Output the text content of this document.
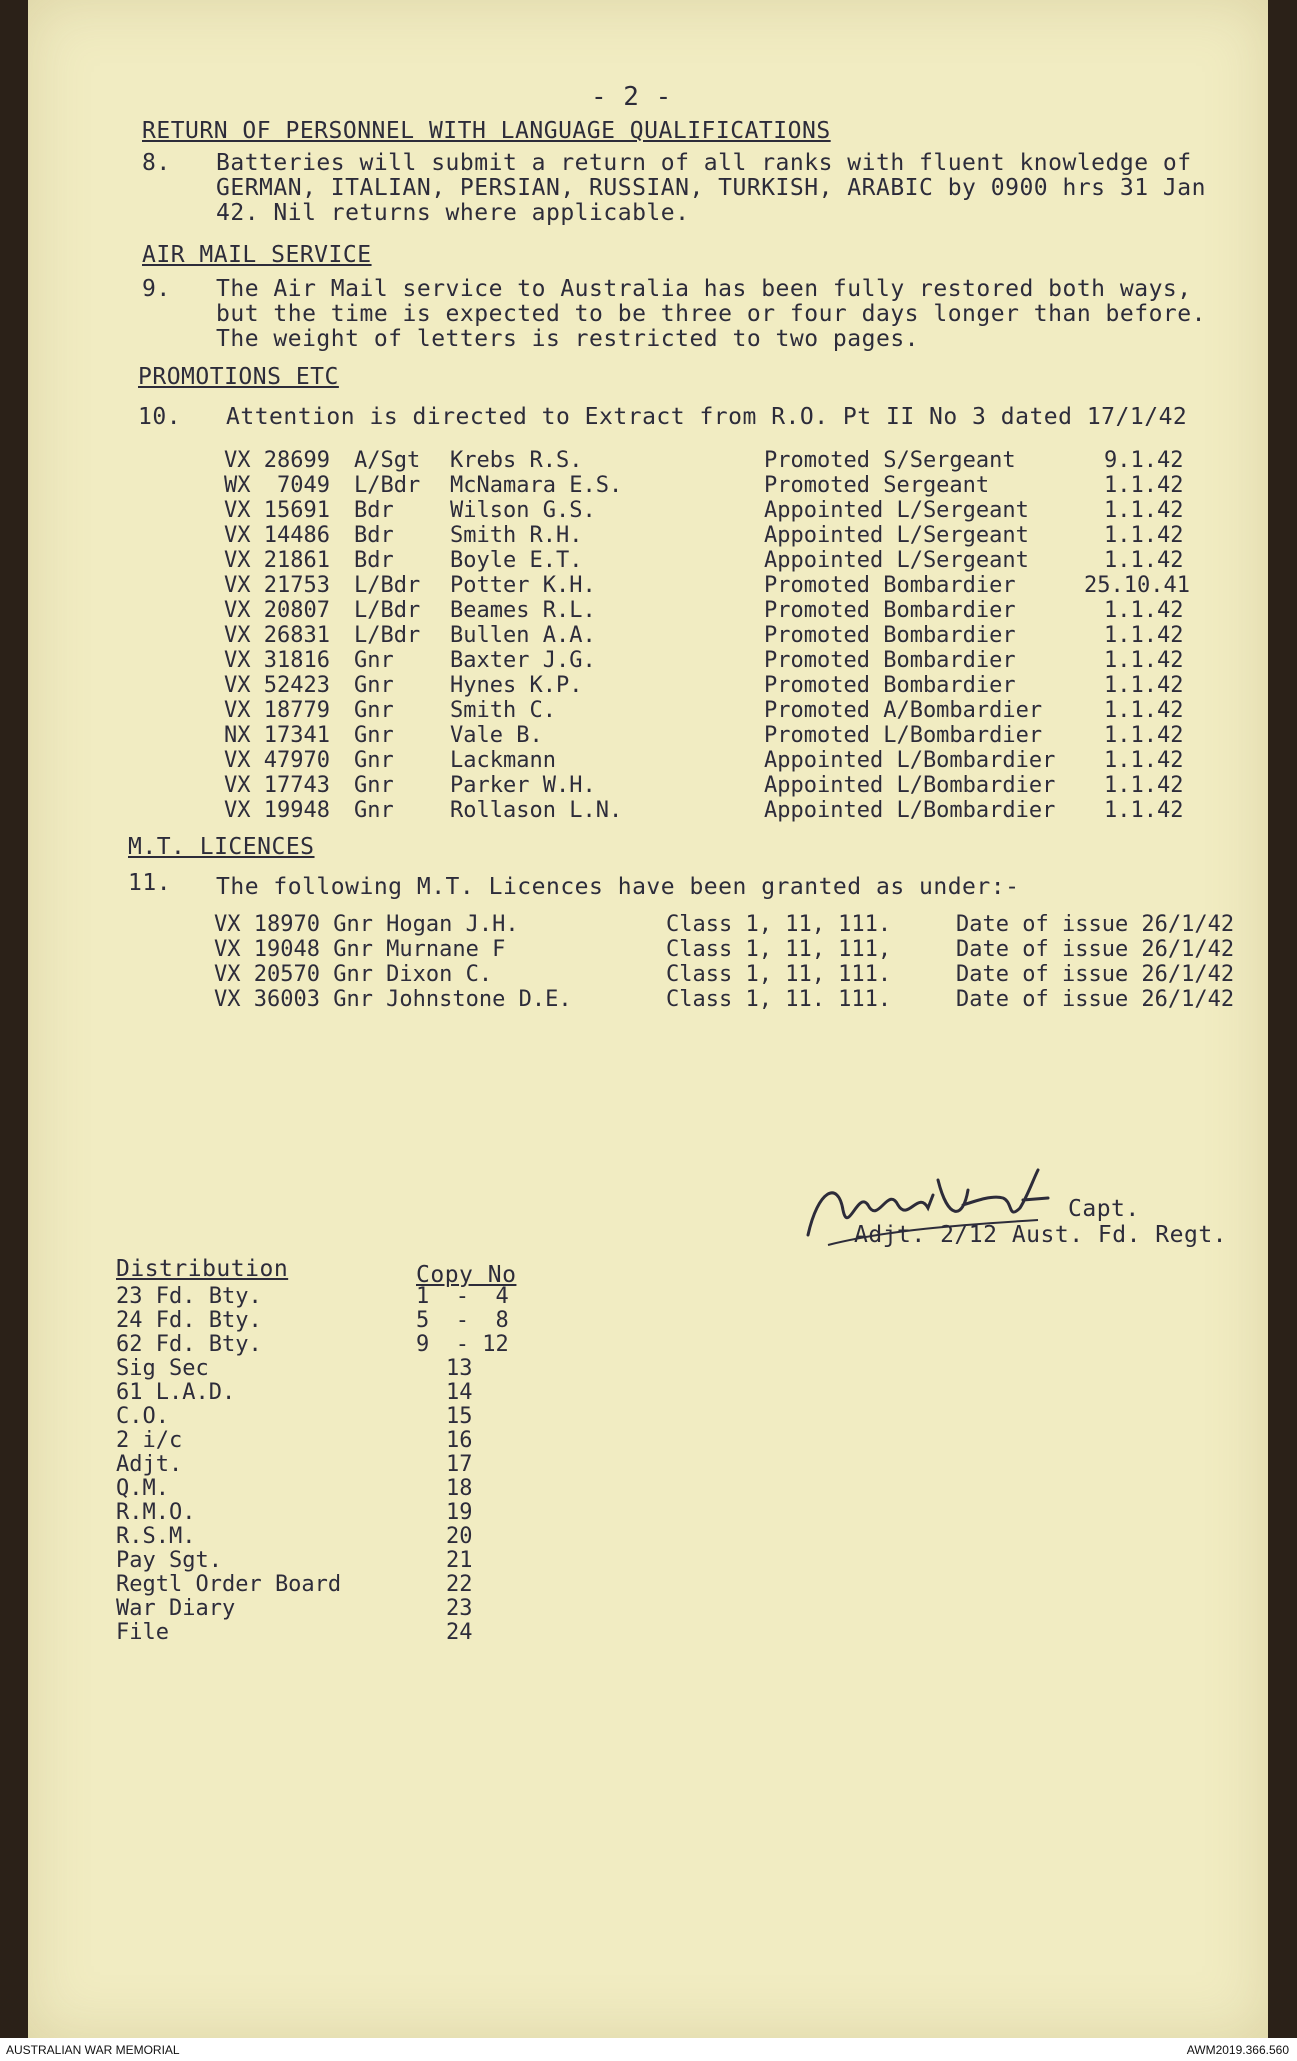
- 2 -
RETURN OF PERSONNEL WITH LANGUAGE QUALIFICATIONS
8. Batteries will submit a return of all ranks with fluent knowledge of
GERMAN, ITALIAN, PERSIAN, RUSSIAN, TURKISH, ARABIC by 0900 hrs 31 Jan
42. Nil returns where applicable.
AIR MAIL SERVICE
9. The Air Mail service to Australia has been fully restored both ways,
but the time is expected to be three or four days longer than before.
The weight of letters is restricted to two pages.
PROMOTIONS ETC
10. Attention is directed to Extract from R.O. Pt II No 3 dated 17/1/42
VX 28699 A/Sgt Krebs R.S.	Promoted S/Sergeant	9.1.42
WX  7049 L/Bdr McNamara E.S.	Promoted Sergeant	1.1.42
VX 15691 Bdr	Wilson G.S.	Appointed L/Sergeant	1.1.42
VX 14486 Bdr	Smith R.H.	Appointed L/Sergeant	1.1.42
VX 21861 Bdr	Boyle E.T.	Appointed L/Sergeant	1.1.42
VX 21753 L/Bdr Potter K.H.	Promoted Bombardier	25.10.41
VX 20807 L/Bdr Beames R.L.	Promoted Bombardier	1.1.42
VX 26831 L/Bdr Bullen A.A.	Promoted Bombardier	1.1.42
VX 31816 Gnr	Baxter J.G.	Promoted Bombardier	1.1.42
VX 52423 Gnr	Hynes K.P.	Promoted Bombardier	1.1.42
VX 18779 Gnr	Smith C.	Promoted A/Bombardier	1.1.42
NX 17341 Gnr	Vale B.	Promoted L/Bombardier	1.1.42
VX 47970 Gnr	Lackmann	Appointed L/Bombardier 1.1.42
VX 17743 Gnr	Parker W.H.	Appointed L/Bombardier 1.1.42
VX 19948 Gnr	Rollason L.N.	Appointed L/Bombardier 1.1.42
M.T. LICENCES
11. The following M.T. Licences have been granted as under:-
VX 18970 Gnr Hogan J.H.	Class 1, 11, 111.	Date of issue 26/1/42
VX 19048 Gnr Murnane F	Class 1, 11, 111,	Date of issue 26/1/42
VX 20570 Gnr Dixon C.	Class 1, 11, 111.	Date of issue 26/1/42
VX 36003 Gnr Johnstone D.E.	Class 1, 11. 111.	Date of issue 26/1/42
Capt.
Adjt. 2/12 Aust. Fd. Regt.
Distribution	Copy No
23 Fd. Bty.	1  -  4
24 Fd. Bty.	5  -  8
62 Fd. Bty.	9  - 12
Sig Sec	13
61 L.A.D.	14
C.O.	15
2 i/c	16
Adjt.	17
Q.M.	18
R.M.O.	19
R.S.M.	20
Pay Sgt.	21
Regtl Order Board	22
War Diary	23
File	24
AUSTRALIAN WAR MEMORIAL	AWM2019.366.560
